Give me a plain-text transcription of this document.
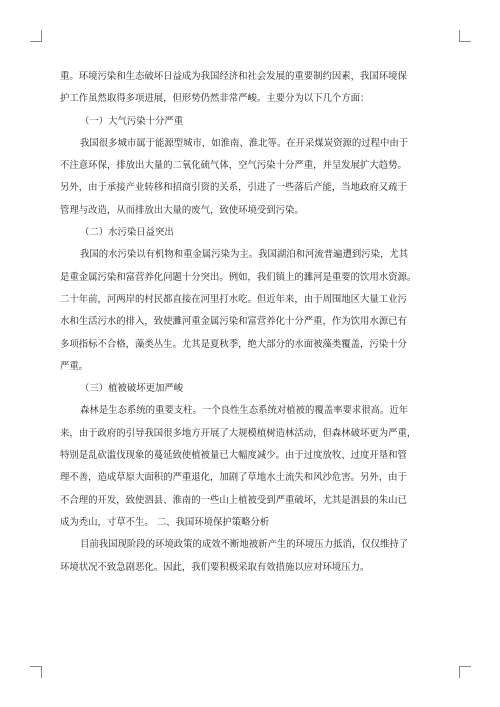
重。环境污染和生态破坏日益成为我国经济和社会发展的重要制约因素，我国环境保
护工作虽然取得多项进展，但形势仍然非常严峻。主要分为以下几个方面：
（一）大气污染十分严重
我国很多城市属于能源型城市，如淮南、淮北等。在开采煤炭资源的过程中由于
不注意环保，排放出大量的二氧化硫气体，空气污染十分严重，并呈发展扩大趋势。
另外，由于承接产业转移和招商引资的关系，引进了一些落后产能，当地政府又疏于
管理与改造，从而排放出大量的废气，致使环境受到污染。
（二）水污染日益突出
我国的水污染以有机物和重金属污染为主。我国湖泊和河流普遍遭到污染，尤其
是重金属污染和富营养化问题十分突出。例如，我们镇上的濉河是重要的饮用水资源。
二十年前，河两岸的村民都直接在河里打水吃。但近年来，由于周围地区大量工业污
水和生活污水的排入，致使濉河重金属污染和富营养化十分严重，作为饮用水源已有
多项指标不合格，藻类丛生。尤其是夏秋季，绝大部分的水面被藻类覆盖，污染十分
严重。
（三）植被破坏更加严峻
森林是生态系统的重要支柱。一个良性生态系统对植被的覆盖率要求很高。近年
来，由于政府的引导我国很多地方开展了大规模植树造林活动，但森林破坏更为严重，
特别是乱砍滥伐现象的蔓延致使植被量已大幅度减少。由于过度放牧、过度开垦和管
理不善，造成草原大面积的严重退化，加剧了草地水土流失和风沙危害。另外，由于
不合理的开发，致使泗县、淮南的一些山上植被受到严重破坏，尤其是泗县的朱山已
成为秃山，寸草不生。 二、我国环境保护策略分析
目前我国现阶段的环境政策的成效不断地被新产生的环境压力抵消，仅仅维持了
环境状况不致急剧恶化。因此，我们要积极采取有效措施以应对环境压力。
